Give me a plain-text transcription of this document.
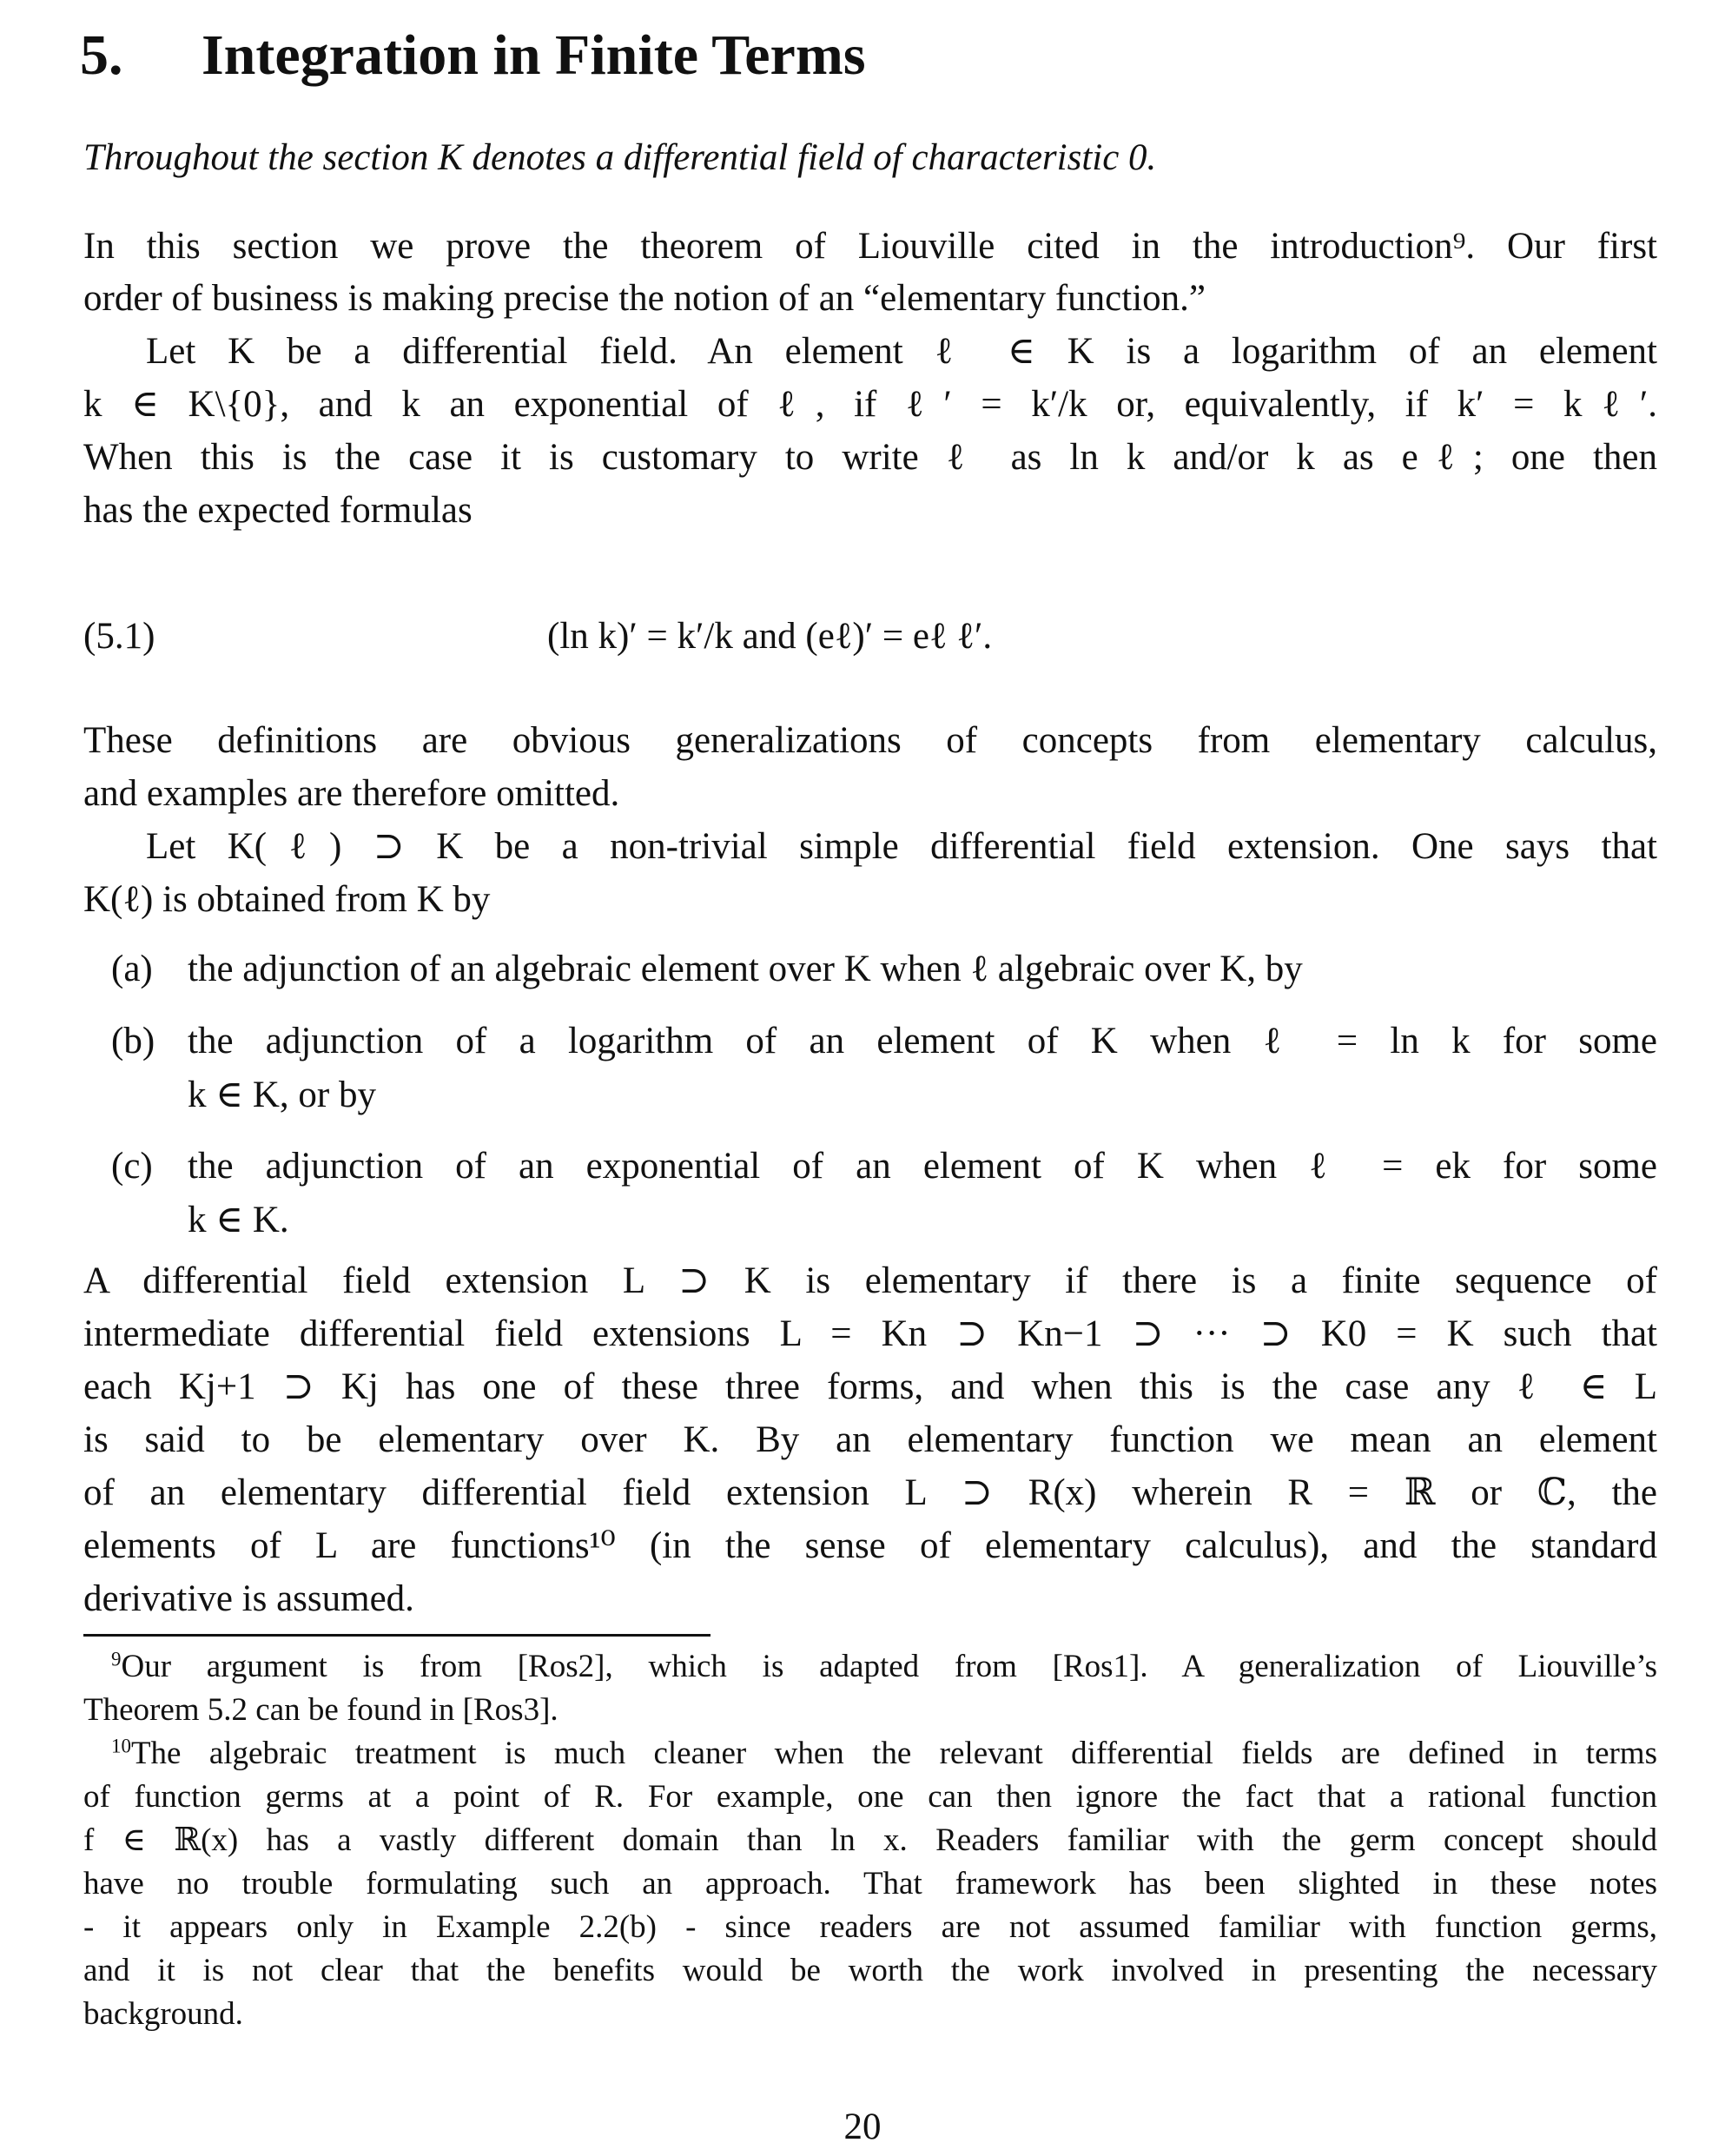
5. Integration in Finite Terms
Throughout the section K denotes a differential field of characteristic 0.
In this section we prove the theorem of Liouville cited in the introduction⁹. Our first
order of business is making precise the notion of an “elementary function.”
Let K be a differential field. An element ℓ ∈ K is a logarithm of an element
k ∈ K\{0}, and k an exponential of ℓ, if ℓ′ = k′/k or, equivalently, if k′ = kℓ′.
When this is the case it is customary to write ℓ as ln k and/or k as eℓ; one then
has the expected formulas
(5.1)	(ln k)′ = k′/k and (eℓ)′ = eℓ ℓ′.
These definitions are obvious generalizations of concepts from elementary calculus,
and examples are therefore omitted.
Let K(ℓ) ⊃ K be a non-trivial simple differential field extension. One says that
K(ℓ) is obtained from K by
(a) the adjunction of an algebraic element over K when ℓ algebraic over K, by
(b) the adjunction of a logarithm of an element of K when ℓ = ln k for some
k ∈ K, or by
(c) the adjunction of an exponential of an element of K when ℓ = ek for some
k ∈ K.
A differential field extension L ⊃ K is elementary if there is a finite sequence of
intermediate differential field extensions L = Kn ⊃ Kn−1 ⊃ ··· ⊃ K0 = K such that
each Kj+1 ⊃ Kj has one of these three forms, and when this is the case any ℓ ∈ L
is said to be elementary over K. By an elementary function we mean an element
of an elementary differential field extension L ⊃ R(x) wherein R = ℝ or ℂ, the
elements of L are functions¹⁰ (in the sense of elementary calculus), and the standard
derivative is assumed.
$^9$Our argument is from [Ros2], which is adapted from [Ros1]. A generalization of Liouville’s
Theorem 5.2 can be found in [Ros3].
$^{10}$The algebraic treatment is much cleaner when the relevant differential fields are defined in terms
of function germs at a point of R. For example, one can then ignore the fact that a rational function
f ∈ ℝ(x) has a vastly different domain than ln x. Readers familiar with the germ concept should
have no trouble formulating such an approach. That framework has been slighted in these notes
- it appears only in Example 2.2(b) - since readers are not assumed familiar with function germs,
and it is not clear that the benefits would be worth the work involved in presenting the necessary
background.
20
